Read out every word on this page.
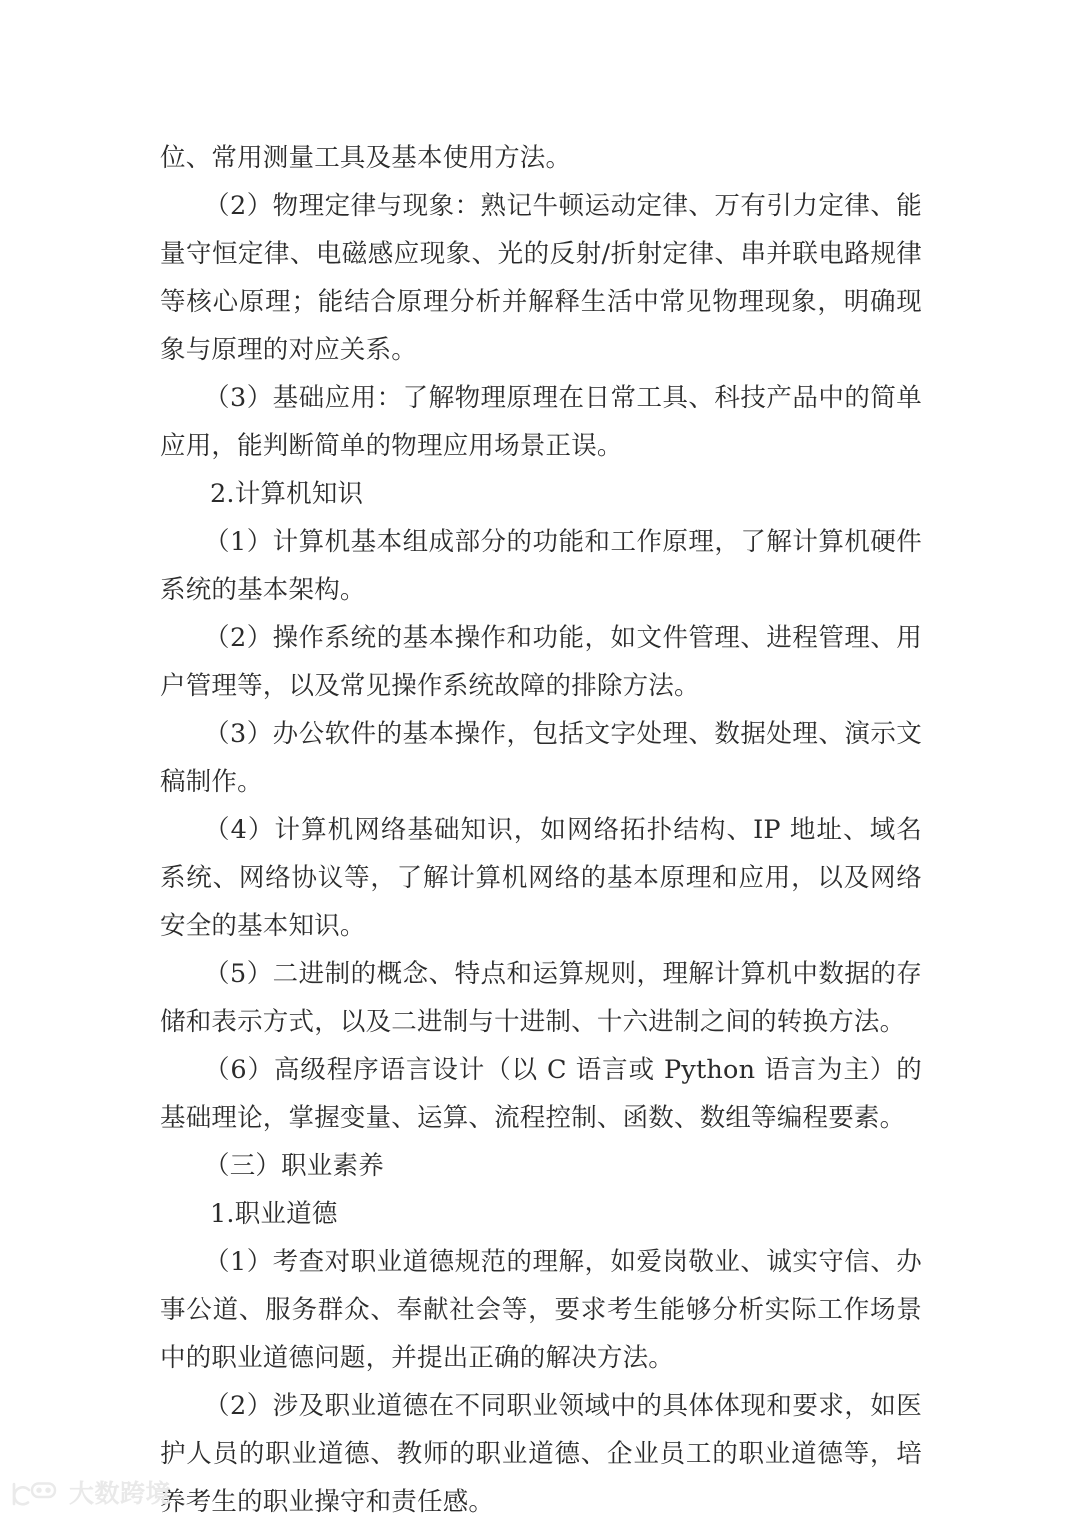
位、常用测量工具及基本使用方法。

（2）物理定律与现象：熟记牛顿运动定律、万有引力定律、能量守恒定律、电磁感应现象、光的反射/折射定律、串并联电路规律等核心原理；能结合原理分析并解释生活中常见物理现象，明确现象与原理的对应关系。

（3）基础应用：了解物理原理在日常工具、科技产品中的简单应用，能判断简单的物理应用场景正误。

2.计算机知识

（1）计算机基本组成部分的功能和工作原理，了解计算机硬件系统的基本架构。

（2）操作系统的基本操作和功能，如文件管理、进程管理、用户管理等，以及常见操作系统故障的排除方法。

（3）办公软件的基本操作，包括文字处理、数据处理、演示文稿制作。

（4）计算机网络基础知识，如网络拓扑结构、IP 地址、域名系统、网络协议等，了解计算机网络的基本原理和应用，以及网络安全的基本知识。

（5）二进制的概念、特点和运算规则，理解计算机中数据的存储和表示方式，以及二进制与十进制、十六进制之间的转换方法。

（6）高级程序语言设计（以 C 语言或 Python 语言为主）的基础理论，掌握变量、运算、流程控制、函数、数组等编程要素。

（三）职业素养

1.职业道德

（1）考查对职业道德规范的理解，如爱岗敬业、诚实守信、办事公道、服务群众、奉献社会等，要求考生能够分析实际工作场景中的职业道德问题，并提出正确的解决方法。

（2）涉及职业道德在不同职业领域中的具体体现和要求，如医护人员的职业道德、教师的职业道德、企业员工的职业道德等，培养考生的职业操守和责任感。

大数跨境
